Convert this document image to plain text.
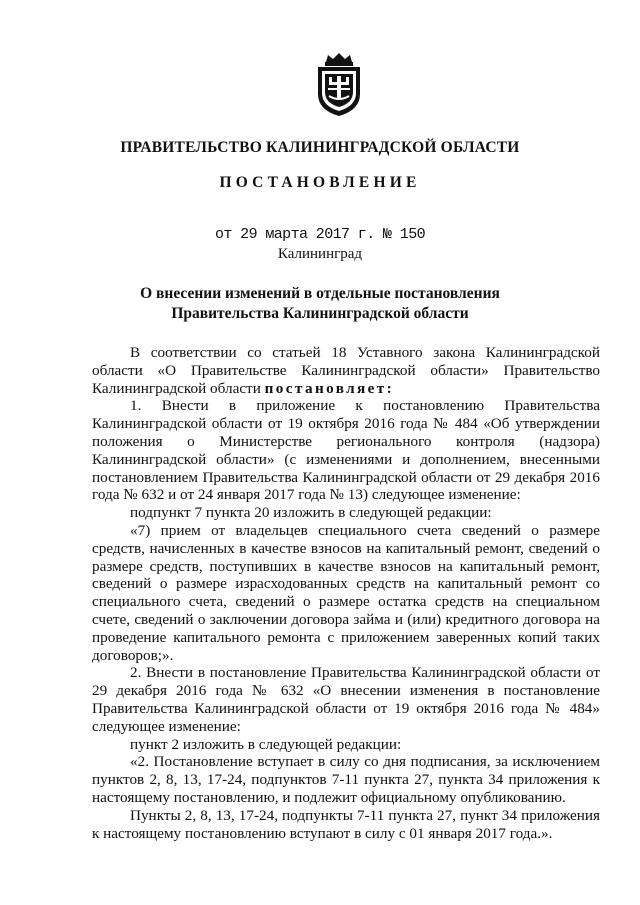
ПРАВИТЕЛЬСТВО КАЛИНИНГРАДСКОЙ ОБЛАСТИ
ПОСТАНОВЛЕНИЕ
от 29 марта 2017 г. № 150
Калининград
О внесении изменений в отдельные постановления
Правительства Калининградской области

В соответствии со статьей 18 Уставного закона Калининградской области «О Правительстве Калининградской области» Правительство Калининградской области постановляет:

1. Внести в приложение к постановлению Правительства Калининградской области от 19 октября 2016 года № 484 «Об утверждении положения о Министерстве регионального контроля (надзора) Калининградской области» (с изменениями и дополнением, внесенными постановлением Правительства Калининградской области от 29 декабря 2016 года № 632 и от 24 января 2017 года № 13) следующее изменение:

подпункт 7 пункта 20 изложить в следующей редакции:

«7) прием от владельцев специального счета сведений о размере средств, начисленных в качестве взносов на капитальный ремонт, сведений о размере средств, поступивших в качестве взносов на капитальный ремонт, сведений о размере израсходованных средств на капитальный ремонт со специального счета, сведений о размере остатка средств на специальном счете, сведений о заключении договора займа и (или) кредитного договора на проведение капитального ремонта с приложением заверенных копий таких договоров;».

2. Внести в постановление Правительства Калининградской области от 29 декабря 2016 года № 632 «О внесении изменения в постановление Правительства Калининградской области от 19 октября 2016 года № 484» следующее изменение:

пункт 2 изложить в следующей редакции:

«2. Постановление вступает в силу со дня подписания, за исключением пунктов 2, 8, 13, 17-24, подпунктов 7-11 пункта 27, пункта 34 приложения к настоящему постановлению, и подлежит официальному опубликованию.

Пункты 2, 8, 13, 17-24, подпункты 7-11 пункта 27, пункт 34 приложения к настоящему постановлению вступают в силу с 01 января 2017 года.».
